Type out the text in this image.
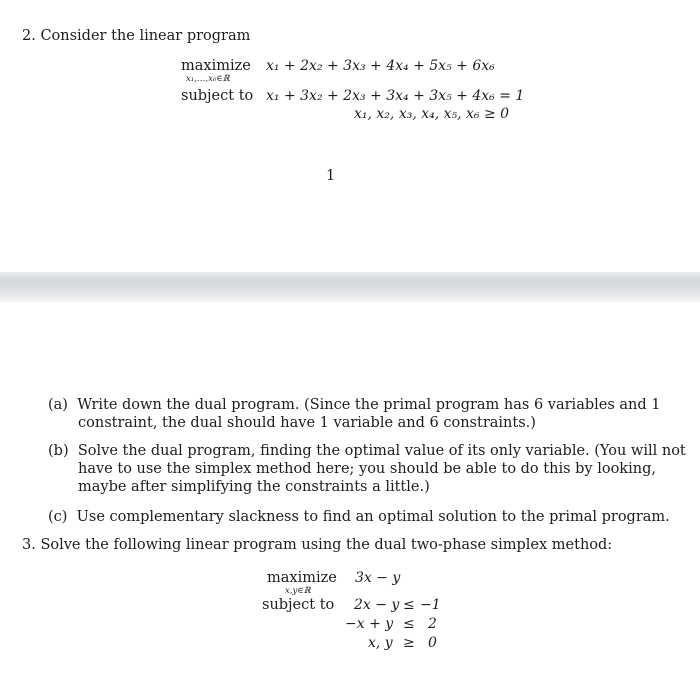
2. Consider the linear program
maximize
x₁,…,x₆∈ℝ
x₁ + 2x₂ + 3x₃ + 4x₄ + 5x₅ + 6x₆
subject to x₁ + 3x₂ + 2x₃ + 3x₄ + 3x₅ + 4x₆ = 1
x₁, x₂, x₃, x₄, x₅, x₆ ≥ 0
1
(a) Write down the dual program. (Since the primal program has 6 variables and 1 constraint, the dual should have 1 variable and 6 constraints.)
(b) Solve the dual program, finding the optimal value of its only variable. (You will not have to use the simplex method here; you should be able to do this by looking, maybe after simplifying the constraints a little.)
(c) Use complementary slackness to find an optimal solution to the primal program.
3. Solve the following linear program using the dual two-phase simplex method:
maximize
x,y∈ℝ
3x − y
subject to 2x − y ≤ −1
−x + y ≤ 2
x, y ≥ 0
